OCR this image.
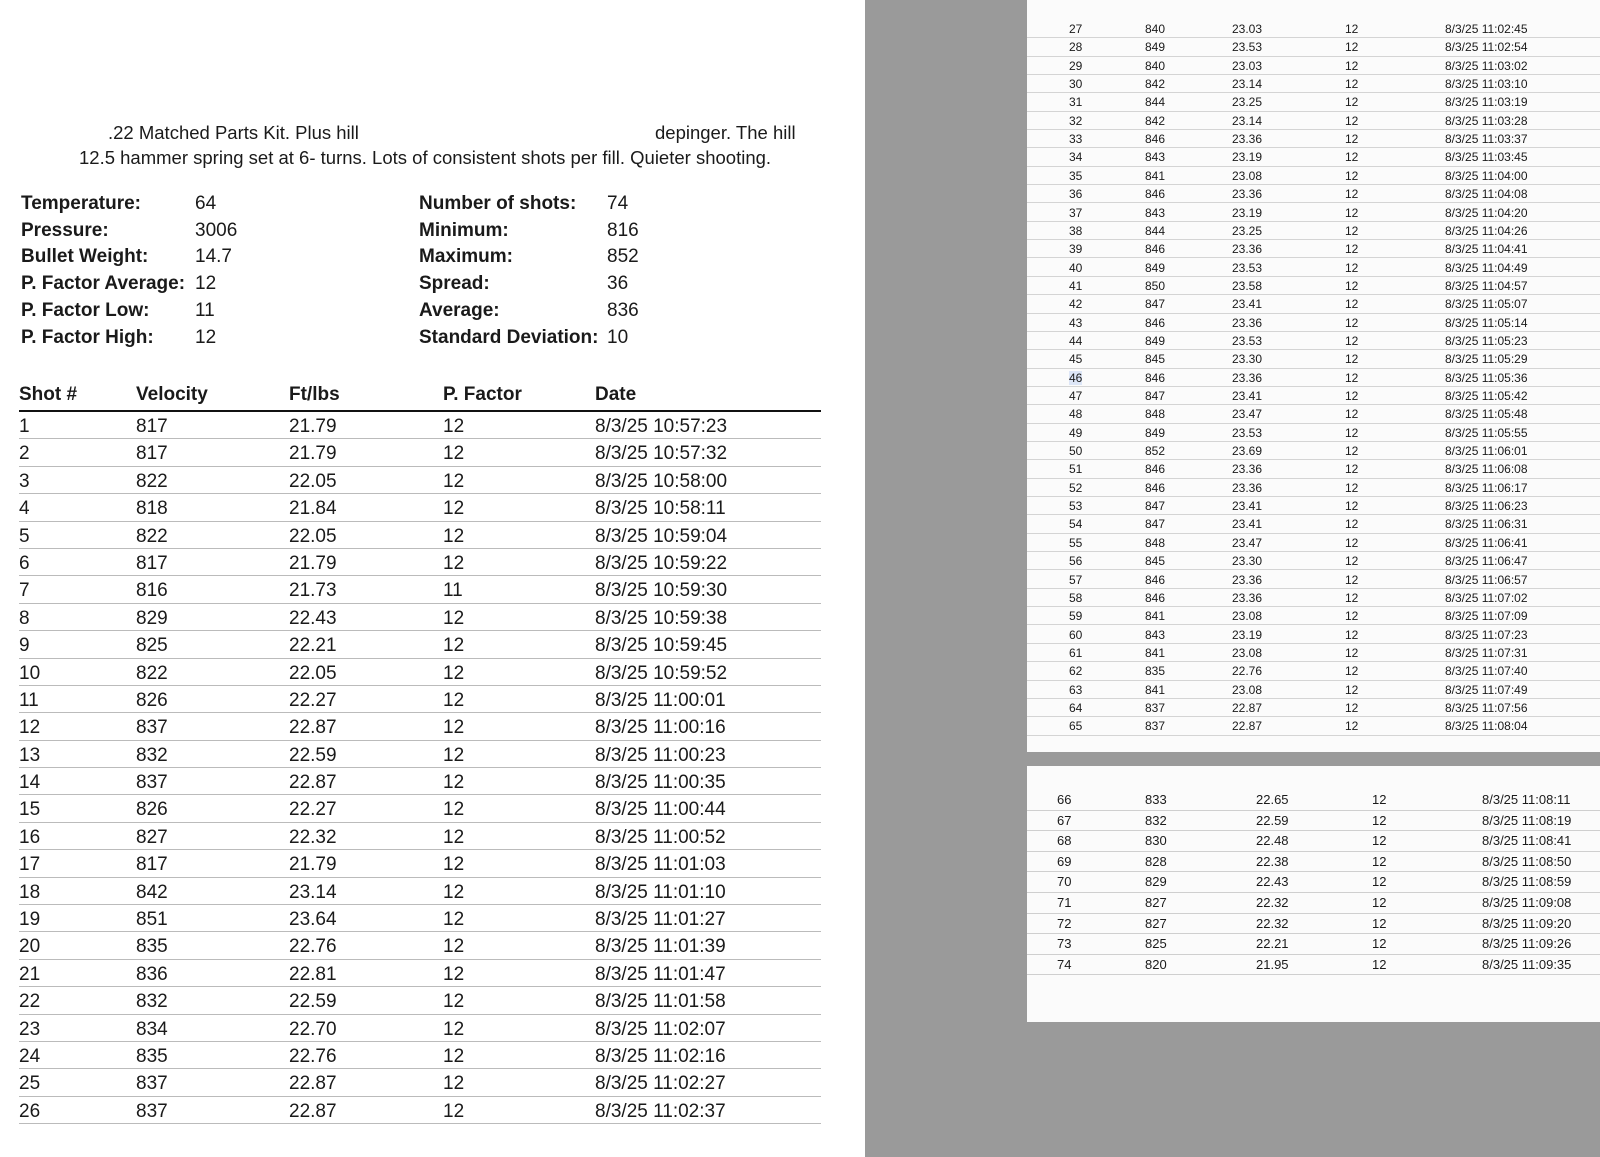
.22 Matched Parts Kit. Plus hill	depinger. The hill
12.5 hammer spring set at 6- turns. Lots of consistent shots per fill. Quieter shooting.
Temperature:	64
Pressure:	3006
Bullet Weight: 14.7
P. Factor Average: 12
P. Factor Low: 11
P. Factor High: 12
Number of shots: 74
Minimum:	816
Maximum:	852
Spread:	36
Average:	836
Standard Deviation: 10
Shot #	Velocity	Ft/lbs	P. Factor	Date
1	817	21.79	12	8/3/25 10:57:23
2	817	21.79	12	8/3/25 10:57:32
3	822	22.05	12	8/3/25 10:58:00
4	818	21.84	12	8/3/25 10:58:11
5	822	22.05	12	8/3/25 10:59:04
6	817	21.79	12	8/3/25 10:59:22
7	816	21.73	11	8/3/25 10:59:30
8	829	22.43	12	8/3/25 10:59:38
9	825	22.21	12	8/3/25 10:59:45
10	822	22.05	12	8/3/25 10:59:52
11	826	22.27	12	8/3/25 11:00:01
12	837	22.87	12	8/3/25 11:00:16
13	832	22.59	12	8/3/25 11:00:23
14	837	22.87	12	8/3/25 11:00:35
15	826	22.27	12	8/3/25 11:00:44
16	827	22.32	12	8/3/25 11:00:52
17	817	21.79	12	8/3/25 11:01:03
18	842	23.14	12	8/3/25 11:01:10
19	851	23.64	12	8/3/25 11:01:27
20	835	22.76	12	8/3/25 11:01:39
21	836	22.81	12	8/3/25 11:01:47
22	832	22.59	12	8/3/25 11:01:58
23	834	22.70	12	8/3/25 11:02:07
24	835	22.76	12	8/3/25 11:02:16
25	837	22.87	12	8/3/25 11:02:27
26	837	22.87	12	8/3/25 11:02:37
27	840	23.03	12	8/3/25 11:02:45
28	849	23.53	12	8/3/25 11:02:54
29	840	23.03	12	8/3/25 11:03:02
30	842	23.14	12	8/3/25 11:03:10
31	844	23.25	12	8/3/25 11:03:19
32	842	23.14	12	8/3/25 11:03:28
33	846	23.36	12	8/3/25 11:03:37
34	843	23.19	12	8/3/25 11:03:45
35	841	23.08	12	8/3/25 11:04:00
36	846	23.36	12	8/3/25 11:04:08
37	843	23.19	12	8/3/25 11:04:20
38	844	23.25	12	8/3/25 11:04:26
39	846	23.36	12	8/3/25 11:04:41
40	849	23.53	12	8/3/25 11:04:49
41	850	23.58	12	8/3/25 11:04:57
42	847	23.41	12	8/3/25 11:05:07
43	846	23.36	12	8/3/25 11:05:14
44	849	23.53	12	8/3/25 11:05:23
45	845	23.30	12	8/3/25 11:05:29
46	846	23.36	12	8/3/25 11:05:36
47	847	23.41	12	8/3/25 11:05:42
48	848	23.47	12	8/3/25 11:05:48
49	849	23.53	12	8/3/25 11:05:55
50	852	23.69	12	8/3/25 11:06:01
51	846	23.36	12	8/3/25 11:06:08
52	846	23.36	12	8/3/25 11:06:17
53	847	23.41	12	8/3/25 11:06:23
54	847	23.41	12	8/3/25 11:06:31
55	848	23.47	12	8/3/25 11:06:41
56	845	23.30	12	8/3/25 11:06:47
57	846	23.36	12	8/3/25 11:06:57
58	846	23.36	12	8/3/25 11:07:02
59	841	23.08	12	8/3/25 11:07:09
60	843	23.19	12	8/3/25 11:07:23
61	841	23.08	12	8/3/25 11:07:31
62	835	22.76	12	8/3/25 11:07:40
63	841	23.08	12	8/3/25 11:07:49
64	837	22.87	12	8/3/25 11:07:56
65	837	22.87	12	8/3/25 11:08:04
66	833	22.65	12	8/3/25 11:08:11
67	832	22.59	12	8/3/25 11:08:19
68	830	22.48	12	8/3/25 11:08:41
69	828	22.38	12	8/3/25 11:08:50
70	829	22.43	12	8/3/25 11:08:59
71	827	22.32	12	8/3/25 11:09:08
72	827	22.32	12	8/3/25 11:09:20
73	825	22.21	12	8/3/25 11:09:26
74	820	21.95	12	8/3/25 11:09:35
